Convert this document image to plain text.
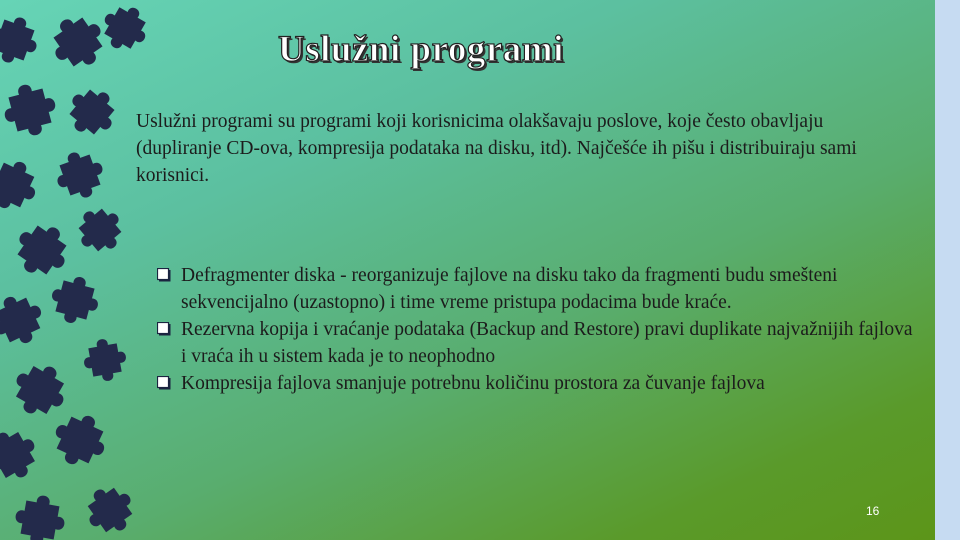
Uslužni programi
Uslužni programi su programi koji korisnicima olakšavaju poslove, koje često obavljaju (dupliranje CD-ova, kompresija podataka na disku, itd). Najčešće ih pišu i distribuiraju sami korisnici.
Defragmenter diska - reorganizuje fajlove na disku tako da fragmenti budu smešteni sekvencijalno (uzastopno) i time vreme pristupa podacima bude kraće.
Rezervna kopija i vraćanje podataka (Backup and Restore) pravi duplikate najvažnijih fajlova i vraća ih u sistem kada je to neophodno
Kompresija fajlova smanjuje potrebnu količinu prostora za čuvanje fajlova
16
